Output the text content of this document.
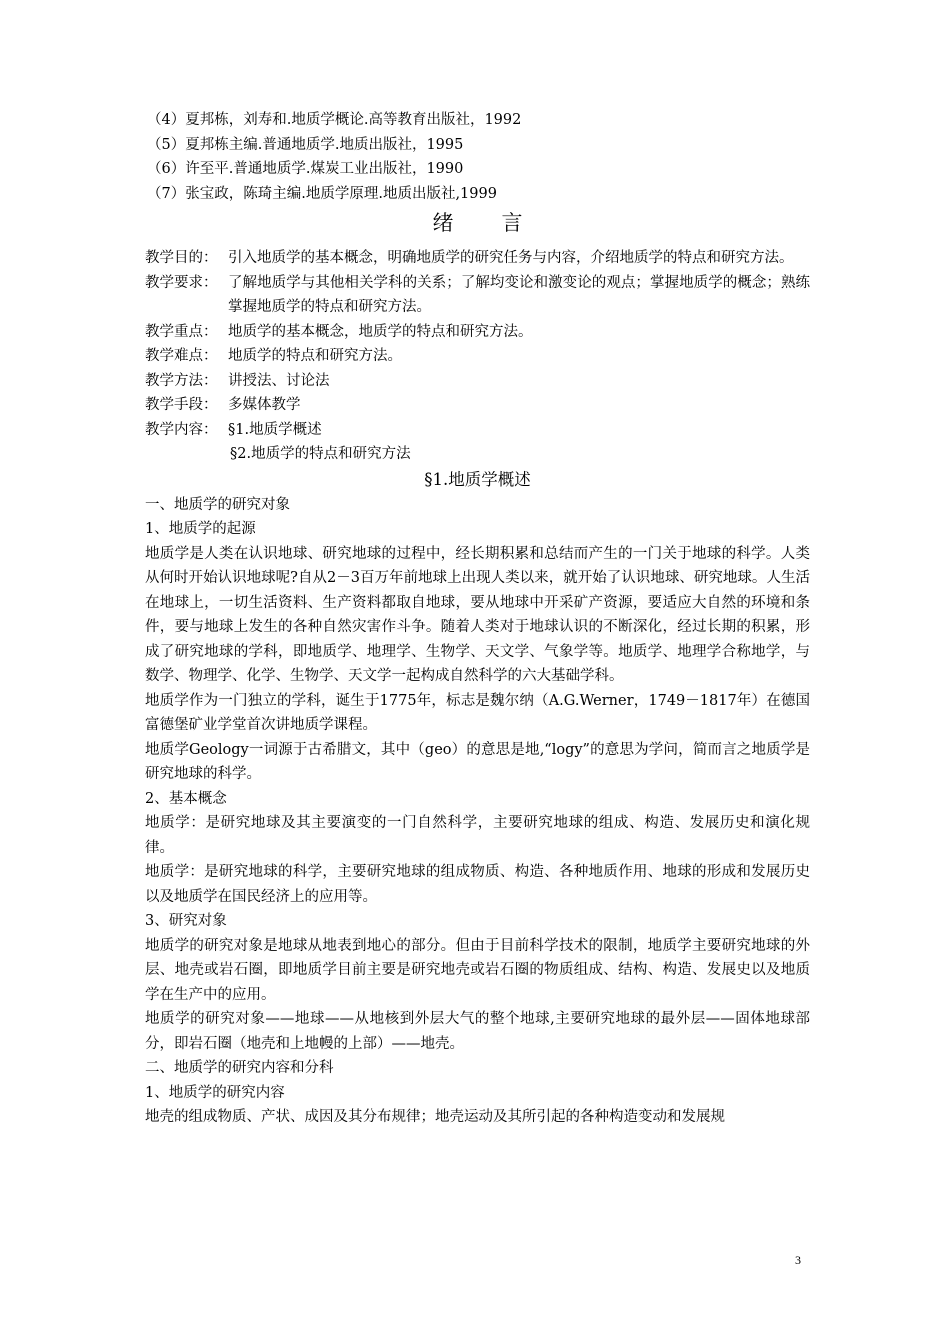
（4）夏邦栋，刘寿和.地质学概论.高等教育出版社，1992
（5）夏邦栋主编.普通地质学.地质出版社，1995
（6）许至平.普通地质学.煤炭工业出版社，1990
（7）张宝政，陈琦主编.地质学原理.地质出版社,1999
绪 言
教学目的： 引入地质学的基本概念，明确地质学的研究任务与内容，介绍地质学的特点和研究方法。
教学要求： 了解地质学与其他相关学科的关系；了解均变论和激变论的观点；掌握地质学的概念；熟练掌握地质学的特点和研究方法。
教学重点： 地质学的基本概念，地质学的特点和研究方法。
教学难点： 地质学的特点和研究方法。
教学方法： 讲授法、讨论法
教学手段： 多媒体教学
教学内容： §1.地质学概述
§2.地质学的特点和研究方法
§1.地质学概述
一、地质学的研究对象
1、地质学的起源
地质学是人类在认识地球、研究地球的过程中，经长期积累和总结而产生的一门关于地球的科学。人类从何时开始认识地球呢?自从2－3百万年前地球上出现人类以来，就开始了认识地球、研究地球。人生活在地球上，一切生活资料、生产资料都取自地球，要从地球中开采矿产资源，要适应大自然的环境和条件，要与地球上发生的各种自然灾害作斗争。随着人类对于地球认识的不断深化，经过长期的积累，形成了研究地球的学科，即地质学、地理学、生物学、天文学、气象学等。地质学、地理学合称地学，与数学、物理学、化学、生物学、天文学一起构成自然科学的六大基础学科。
地质学作为一门独立的学科，诞生于1775年，标志是魏尔纳（A.G.Werner，1749－1817年）在德国富德堡矿业学堂首次讲地质学课程。
地质学Geology一词源于古希腊文，其中（geo）的意思是地,“logy”的意思为学问，简而言之地质学是研究地球的科学。
2、基本概念
地质学：是研究地球及其主要演变的一门自然科学，主要研究地球的组成、构造、发展历史和演化规律。
地质学：是研究地球的科学，主要研究地球的组成物质、构造、各种地质作用、地球的形成和发展历史以及地质学在国民经济上的应用等。
3、研究对象
地质学的研究对象是地球从地表到地心的部分。但由于目前科学技术的限制，地质学主要研究地球的外层、地壳或岩石圈，即地质学目前主要是研究地壳或岩石圈的物质组成、结构、构造、发展史以及地质学在生产中的应用。
地质学的研究对象——地球——从地核到外层大气的整个地球,主要研究地球的最外层——固体地球部分，即岩石圈（地壳和上地幔的上部）——地壳。
二、地质学的研究内容和分科
1、地质学的研究内容
地壳的组成物质、产状、成因及其分布规律；地壳运动及其所引起的各种构造变动和发展规
3
